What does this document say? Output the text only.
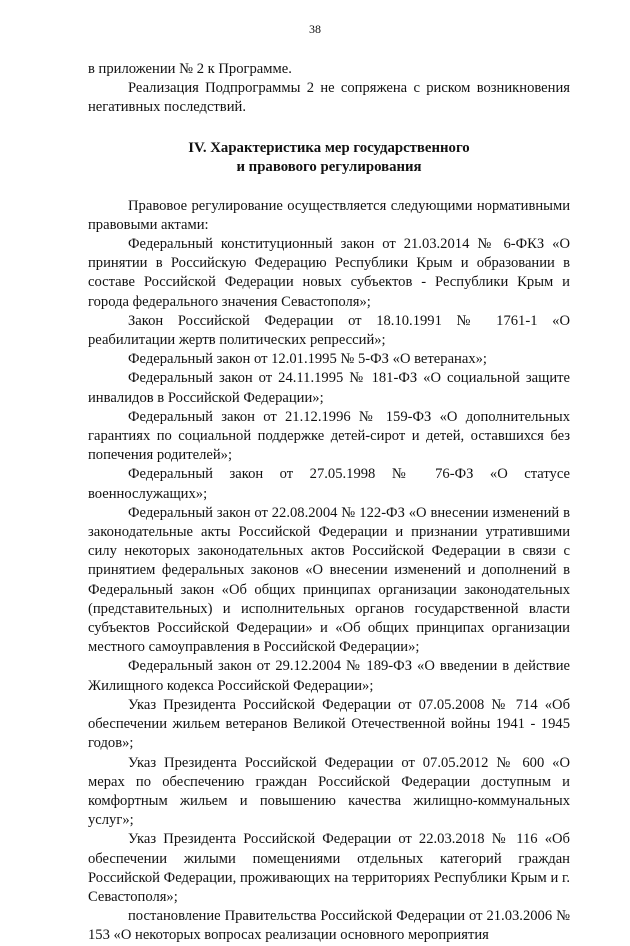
38

в приложении № 2 к Программе.

Реализация Подпрограммы 2 не сопряжена с риском возникновения негативных последствий.

IV. Характеристика мер государственного
и правового регулирования

Правовое регулирование осуществляется следующими нормативными правовыми актами:

Федеральный конституционный закон от 21.03.2014 № 6-ФКЗ «О принятии в Российскую Федерацию Республики Крым и образовании в составе Российской Федерации новых субъектов - Республики Крым и города федерального значения Севастополя»;

Закон Российской Федерации от 18.10.1991 № 1761-1 «О реабилитации жертв политических репрессий»;

Федеральный закон от 12.01.1995 № 5-ФЗ «О ветеранах»;

Федеральный закон от 24.11.1995 № 181-ФЗ «О социальной защите инвалидов в Российской Федерации»;

Федеральный закон от 21.12.1996 № 159-ФЗ «О дополнительных гарантиях по социальной поддержке детей-сирот и детей, оставшихся без попечения родителей»;

Федеральный закон от 27.05.1998 № 76-ФЗ «О статусе военнослужащих»;

Федеральный закон от 22.08.2004 № 122-ФЗ «О внесении изменений в законодательные акты Российской Федерации и признании утратившими силу некоторых законодательных актов Российской Федерации в связи с принятием федеральных законов «О внесении изменений и дополнений в Федеральный закон «Об общих принципах организации законодательных (представительных) и исполнительных органов государственной власти субъектов Российской Федерации» и «Об общих принципах организации местного самоуправления в Российской Федерации»;

Федеральный закон от 29.12.2004 № 189-ФЗ «О введении в действие Жилищного кодекса Российской Федерации»;

Указ Президента Российской Федерации от 07.05.2008 № 714 «Об обеспечении жильем ветеранов Великой Отечественной войны 1941 - 1945 годов»;

Указ Президента Российской Федерации от 07.05.2012 № 600 «О мерах по обеспечению граждан Российской Федерации доступным и комфортным жильем и повышению качества жилищно-коммунальных услуг»;

Указ Президента Российской Федерации от 22.03.2018 № 116 «Об обеспечении жилыми помещениями отдельных категорий граждан Российской Федерации, проживающих на территориях Республики Крым и г. Севастополя»;

постановление Правительства Российской Федерации от 21.03.2006 № 153 «О некоторых вопросах реализации основного мероприятия
